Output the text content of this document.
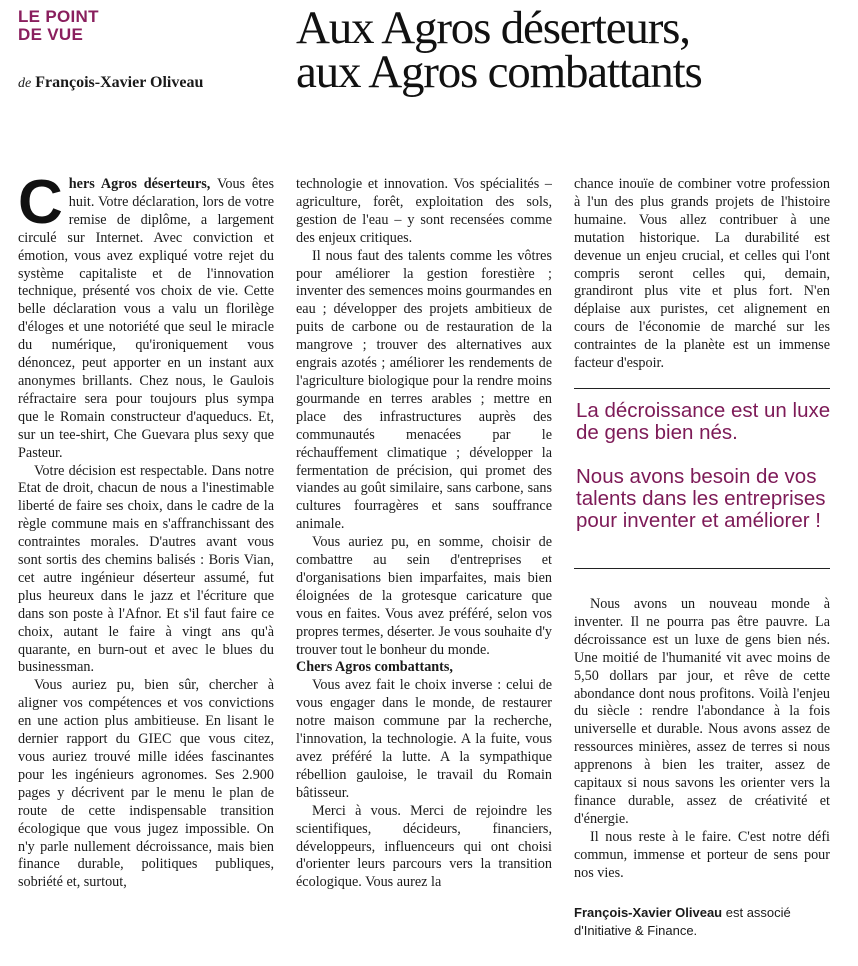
LE POINT
DE VUE
de François-Xavier Oliveau
Aux Agros déserteurs,
aux Agros combattants

Chers Agros déserteurs, Vous êtes huit. Votre déclaration, lors de votre remise de diplôme, a largement circulé sur Internet. Avec conviction et émotion, vous avez expliqué votre rejet du système capitaliste et de l'innovation technique, présenté vos choix de vie. Cette belle déclaration vous a valu un florilège d'éloges et une notoriété que seul le miracle du numérique, qu'ironiquement vous dénoncez, peut apporter en un instant aux anonymes brillants. Chez nous, le Gaulois réfractaire sera pour toujours plus sympa que le Romain constructeur d'aqueducs. Et, sur un tee-shirt, Che Guevara plus sexy que Pasteur.

Votre décision est respectable. Dans notre Etat de droit, chacun de nous a l'inestimable liberté de faire ses choix, dans le cadre de la règle commune mais en s'affranchissant des contraintes morales. D'autres avant vous sont sortis des chemins balisés : Boris Vian, cet autre ingénieur déserteur assumé, fut plus heureux dans le jazz et l'écriture que dans son poste à l'Afnor. Et s'il faut faire ce choix, autant le faire à vingt ans qu'à quarante, en burn-out et avec le blues du businessman.

Vous auriez pu, bien sûr, chercher à aligner vos compétences et vos convictions en une action plus ambitieuse. En lisant le dernier rapport du GIEC que vous citez, vous auriez trouvé mille idées fascinantes pour les ingénieurs agronomes. Ses 2.900 pages y décrivent par le menu le plan de route de cette indispensable transition écologique que vous jugez impossible. On n'y parle nullement décroissance, mais bien finance durable, politiques publiques, sobriété et, surtout,

technologie et innovation. Vos spécialités – agriculture, forêt, exploitation des sols, gestion de l'eau – y sont recensées comme des enjeux critiques.

Il nous faut des talents comme les vôtres pour améliorer la gestion forestière ; inventer des semences moins gourmandes en eau ; développer des projets ambitieux de puits de carbone ou de restauration de la mangrove ; trouver des alternatives aux engrais azotés ; améliorer les rendements de l'agriculture biologique pour la rendre moins gourmande en terres arables ; mettre en place des infrastructures auprès des communautés menacées par le réchauffement climatique ; développer la fermentation de précision, qui promet des viandes au goût similaire, sans carbone, sans cultures fourragères et sans souffrance animale.

Vous auriez pu, en somme, choisir de combattre au sein d'entreprises et d'organisations bien imparfaites, mais bien éloignées de la grotesque caricature que vous en faites. Vous avez préféré, selon vos propres termes, déserter. Je vous souhaite d'y trouver tout le bonheur du monde.

Chers Agros combattants,

Vous avez fait le choix inverse : celui de vous engager dans le monde, de restaurer notre maison commune par la recherche, l'innovation, la technologie. A la fuite, vous avez préféré la lutte. A la sympathique rébellion gauloise, le travail du Romain bâtisseur.

Merci à vous. Merci de rejoindre les scientifiques, décideurs, financiers, développeurs, influenceurs qui ont choisi d'orienter leurs parcours vers la transition écologique. Vous aurez la

chance inouïe de combiner votre profession à l'un des plus grands projets de l'histoire humaine. Vous allez contribuer à une mutation historique. La durabilité est devenue un enjeu crucial, et celles qui l'ont compris seront celles qui, demain, grandiront plus vite et plus fort. N'en déplaise aux puristes, cet alignement en cours de l'économie de marché sur les contraintes de la planète est un immense facteur d'espoir.

La décroissance est un luxe de gens bien nés.
Nous avons besoin de vos talents dans les entreprises pour inventer et améliorer !

Nous avons un nouveau monde à inventer. Il ne pourra pas être pauvre. La décroissance est un luxe de gens bien nés. Une moitié de l'humanité vit avec moins de 5,50 dollars par jour, et rêve de cette abondance dont nous profitons. Voilà l'enjeu du siècle : rendre l'abondance à la fois universelle et durable. Nous avons assez de ressources minières, assez de terres si nous apprenons à bien les traiter, assez de capitaux si nous savons les orienter vers la finance durable, assez de créativité et d'énergie.

Il nous reste à le faire. C'est notre défi commun, immense et porteur de sens pour nos vies.

François-Xavier Oliveau est associé d'Initiative & Finance.
